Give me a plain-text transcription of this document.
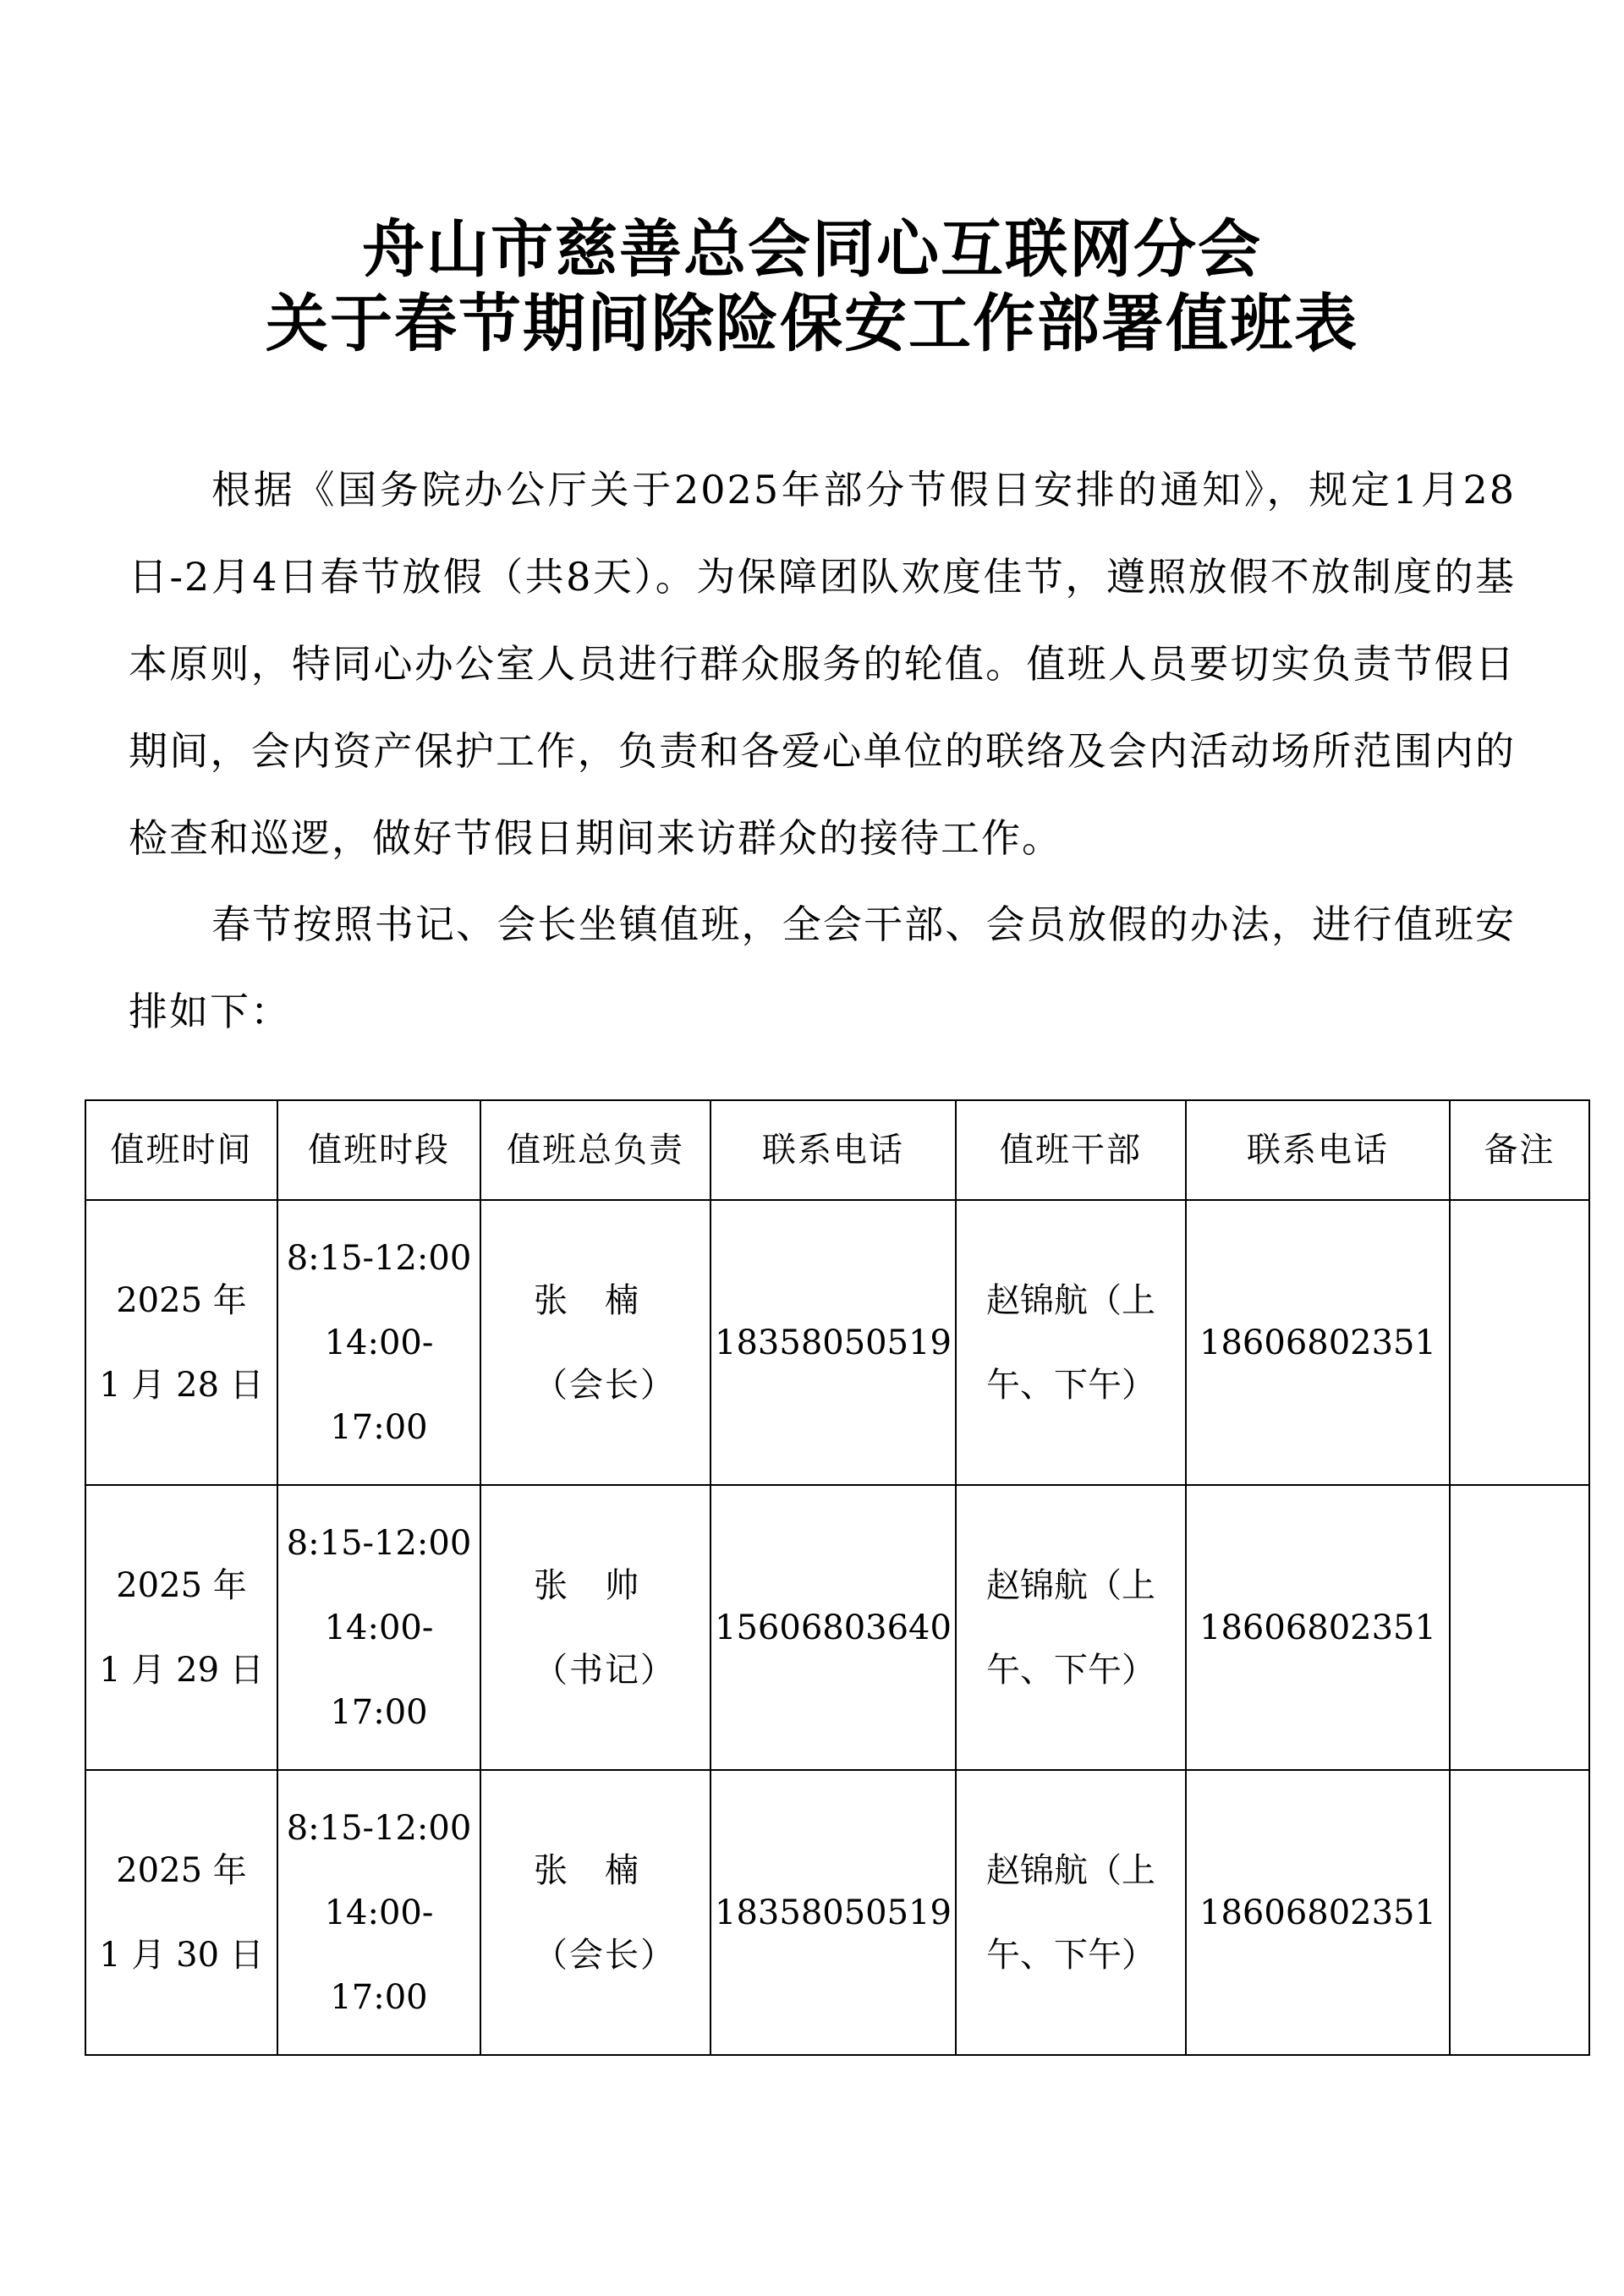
舟山市慈善总会同心互联网分会
关于春节期间除险保安工作部署值班表
根据《国务院办公厅关于2025年部分节假日安排的通知》，规定1月28日-2月4日春节放假（共8天）。为保障团队欢度佳节，遵照放假不放制度的基本原则，特同心办公室人员进行群众服务的轮值。值班人员要切实负责节假日期间，会内资产保护工作，负责和各爱心单位的联络及会内活动场所范围内的检查和巡逻，做好节假日期间来访群众的接待工作。
春节按照书记、会长坐镇值班，全会干部、会员放假的办法，进行值班安排如下：
值班时间	值班时段	值班总负责	联系电话	值班干部	联系电话	备注

2025 年
1 月 28 日	8:15-12:00
14:00-17:00	张　楠
（会长）	18358050519	赵锦航（上
午、下午）	18606802351	

2025 年
1 月 29 日	8:15-12:00
14:00-17:00	张　帅
（书记）	15606803640	赵锦航（上
午、下午）	18606802351	

2025 年
1 月 30 日	8:15-12:00
14:00-17:00	张　楠
（会长）	18358050519	赵锦航（上
午、下午）	18606802351	
